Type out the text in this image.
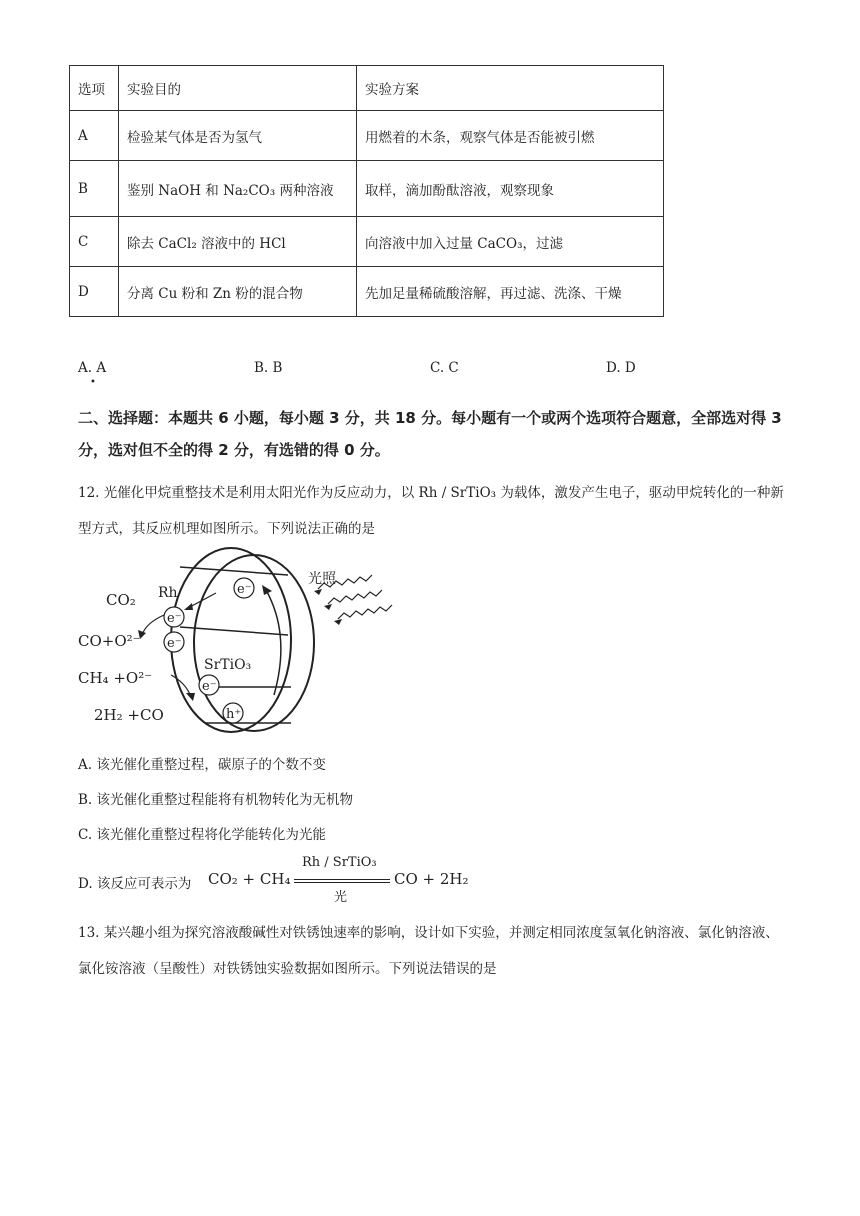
选项	实验目的	实验方案
A	检验某气体是否为氢气	用燃着的木条，观察气体是否能被引燃
B	鉴别 NaOH 和 Na₂CO₃ 两种溶液	取样，滴加酚酞溶液，观察现象
C	除去 CaCl₂ 溶液中的 HCl	向溶液中加入过量 CaCO₃，过滤
D	分离 Cu 粉和 Zn 粉的混合物	先加足量稀硫酸溶解，再过滤、洗涤、干燥
A. A	B. B	C. C	D. D
•
二、选择题：本题共 6 小题，每小题 3 分，共 18 分。每小题有一个或两个选项符合题意，全部选对得 3 分，选对但不全的得 2 分，有选错的得 0 分。
12. 光催化甲烷重整技术是利用太阳光作为反应动力，以 Rh / SrTiO₃ 为载体，激发产生电子，驱动甲烷转化的一种新型方式，其反应机理如图所示。下列说法正确的是
e⁻
e⁻
e⁻
e⁻
h⁺
Rh
CO₂
CO+O²⁻
SrTiO₃
CH₄ +O²⁻
2H₂ +CO
光照
A. 该光催化重整过程，碳原子的个数不变
B. 该光催化重整过程能将有机物转化为无机物
C. 该光催化重整过程将化学能转化为光能
D. 该反应可表示为 CO₂ + CH₄
Rh / SrTiO₃
光
CO + 2H₂
13. 某兴趣小组为探究溶液酸碱性对铁锈蚀速率的影响，设计如下实验，并测定相同浓度氢氧化钠溶液、氯化钠溶液、氯化铵溶液（呈酸性）对铁锈蚀实验数据如图所示。下列说法错误的是
